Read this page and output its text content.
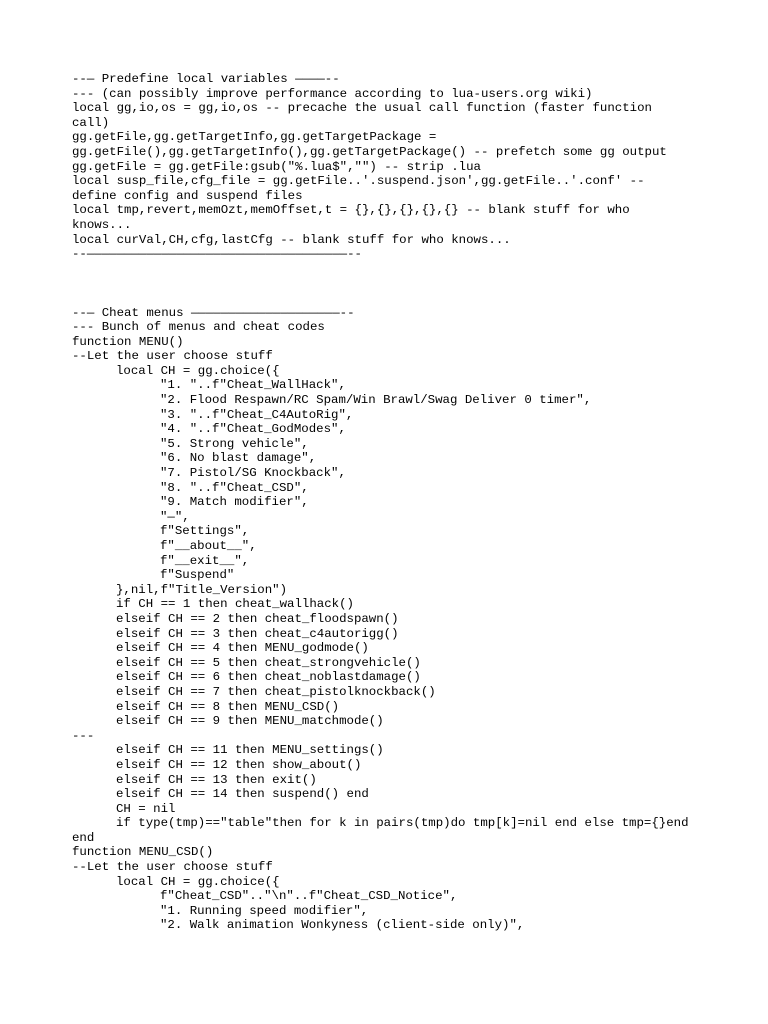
--— Predefine local variables ————--
--- (can possibly improve performance according to lua-users.org wiki)
local gg,io,os = gg,io,os -- precache the usual call function (faster function
call)
gg.getFile,gg.getTargetInfo,gg.getTargetPackage =
gg.getFile(),gg.getTargetInfo(),gg.getTargetPackage() -- prefetch some gg output
gg.getFile = gg.getFile:gsub("%.lua$","") -- strip .lua
local susp_file,cfg_file = gg.getFile..'.suspend.json',gg.getFile..'.conf' --
define config and suspend files
local tmp,revert,memOzt,memOffset,t = {},{},{},{},{} -- blank stuff for who
knows...
local curVal,CH,cfg,lastCfg -- blank stuff for who knows...
--———————————————————————————————————--
--— Cheat menus ————————————————————--
--- Bunch of menus and cheat codes
function MENU()
--Let the user choose stuff
local CH = gg.choice({
"1. "..f"Cheat_WallHack",
"2. Flood Respawn/RC Spam/Win Brawl/Swag Deliver 0 timer",
"3. "..f"Cheat_C4AutoRig",
"4. "..f"Cheat_GodModes",
"5. Strong vehicle",
"6. No blast damage",
"7. Pistol/SG Knockback",
"8. "..f"Cheat_CSD",
"9. Match modifier",
"—",
f"Settings",
f"__about__",
f"__exit__",
f"Suspend"
},nil,f"Title_Version")
if CH == 1 then cheat_wallhack()
elseif CH == 2 then cheat_floodspawn()
elseif CH == 3 then cheat_c4autorigg()
elseif CH == 4 then MENU_godmode()
elseif CH == 5 then cheat_strongvehicle()
elseif CH == 6 then cheat_noblastdamage()
elseif CH == 7 then cheat_pistolknockback()
elseif CH == 8 then MENU_CSD()
elseif CH == 9 then MENU_matchmode()
---
elseif CH == 11 then MENU_settings()
elseif CH == 12 then show_about()
elseif CH == 13 then exit()
elseif CH == 14 then suspend() end
CH = nil
if type(tmp)=="table"then for k in pairs(tmp)do tmp[k]=nil end else tmp={}end
end
function MENU_CSD()
--Let the user choose stuff
local CH = gg.choice({
f"Cheat_CSD".."\n"..f"Cheat_CSD_Notice",
"1. Running speed modifier",
"2. Walk animation Wonkyness (client-side only)",
